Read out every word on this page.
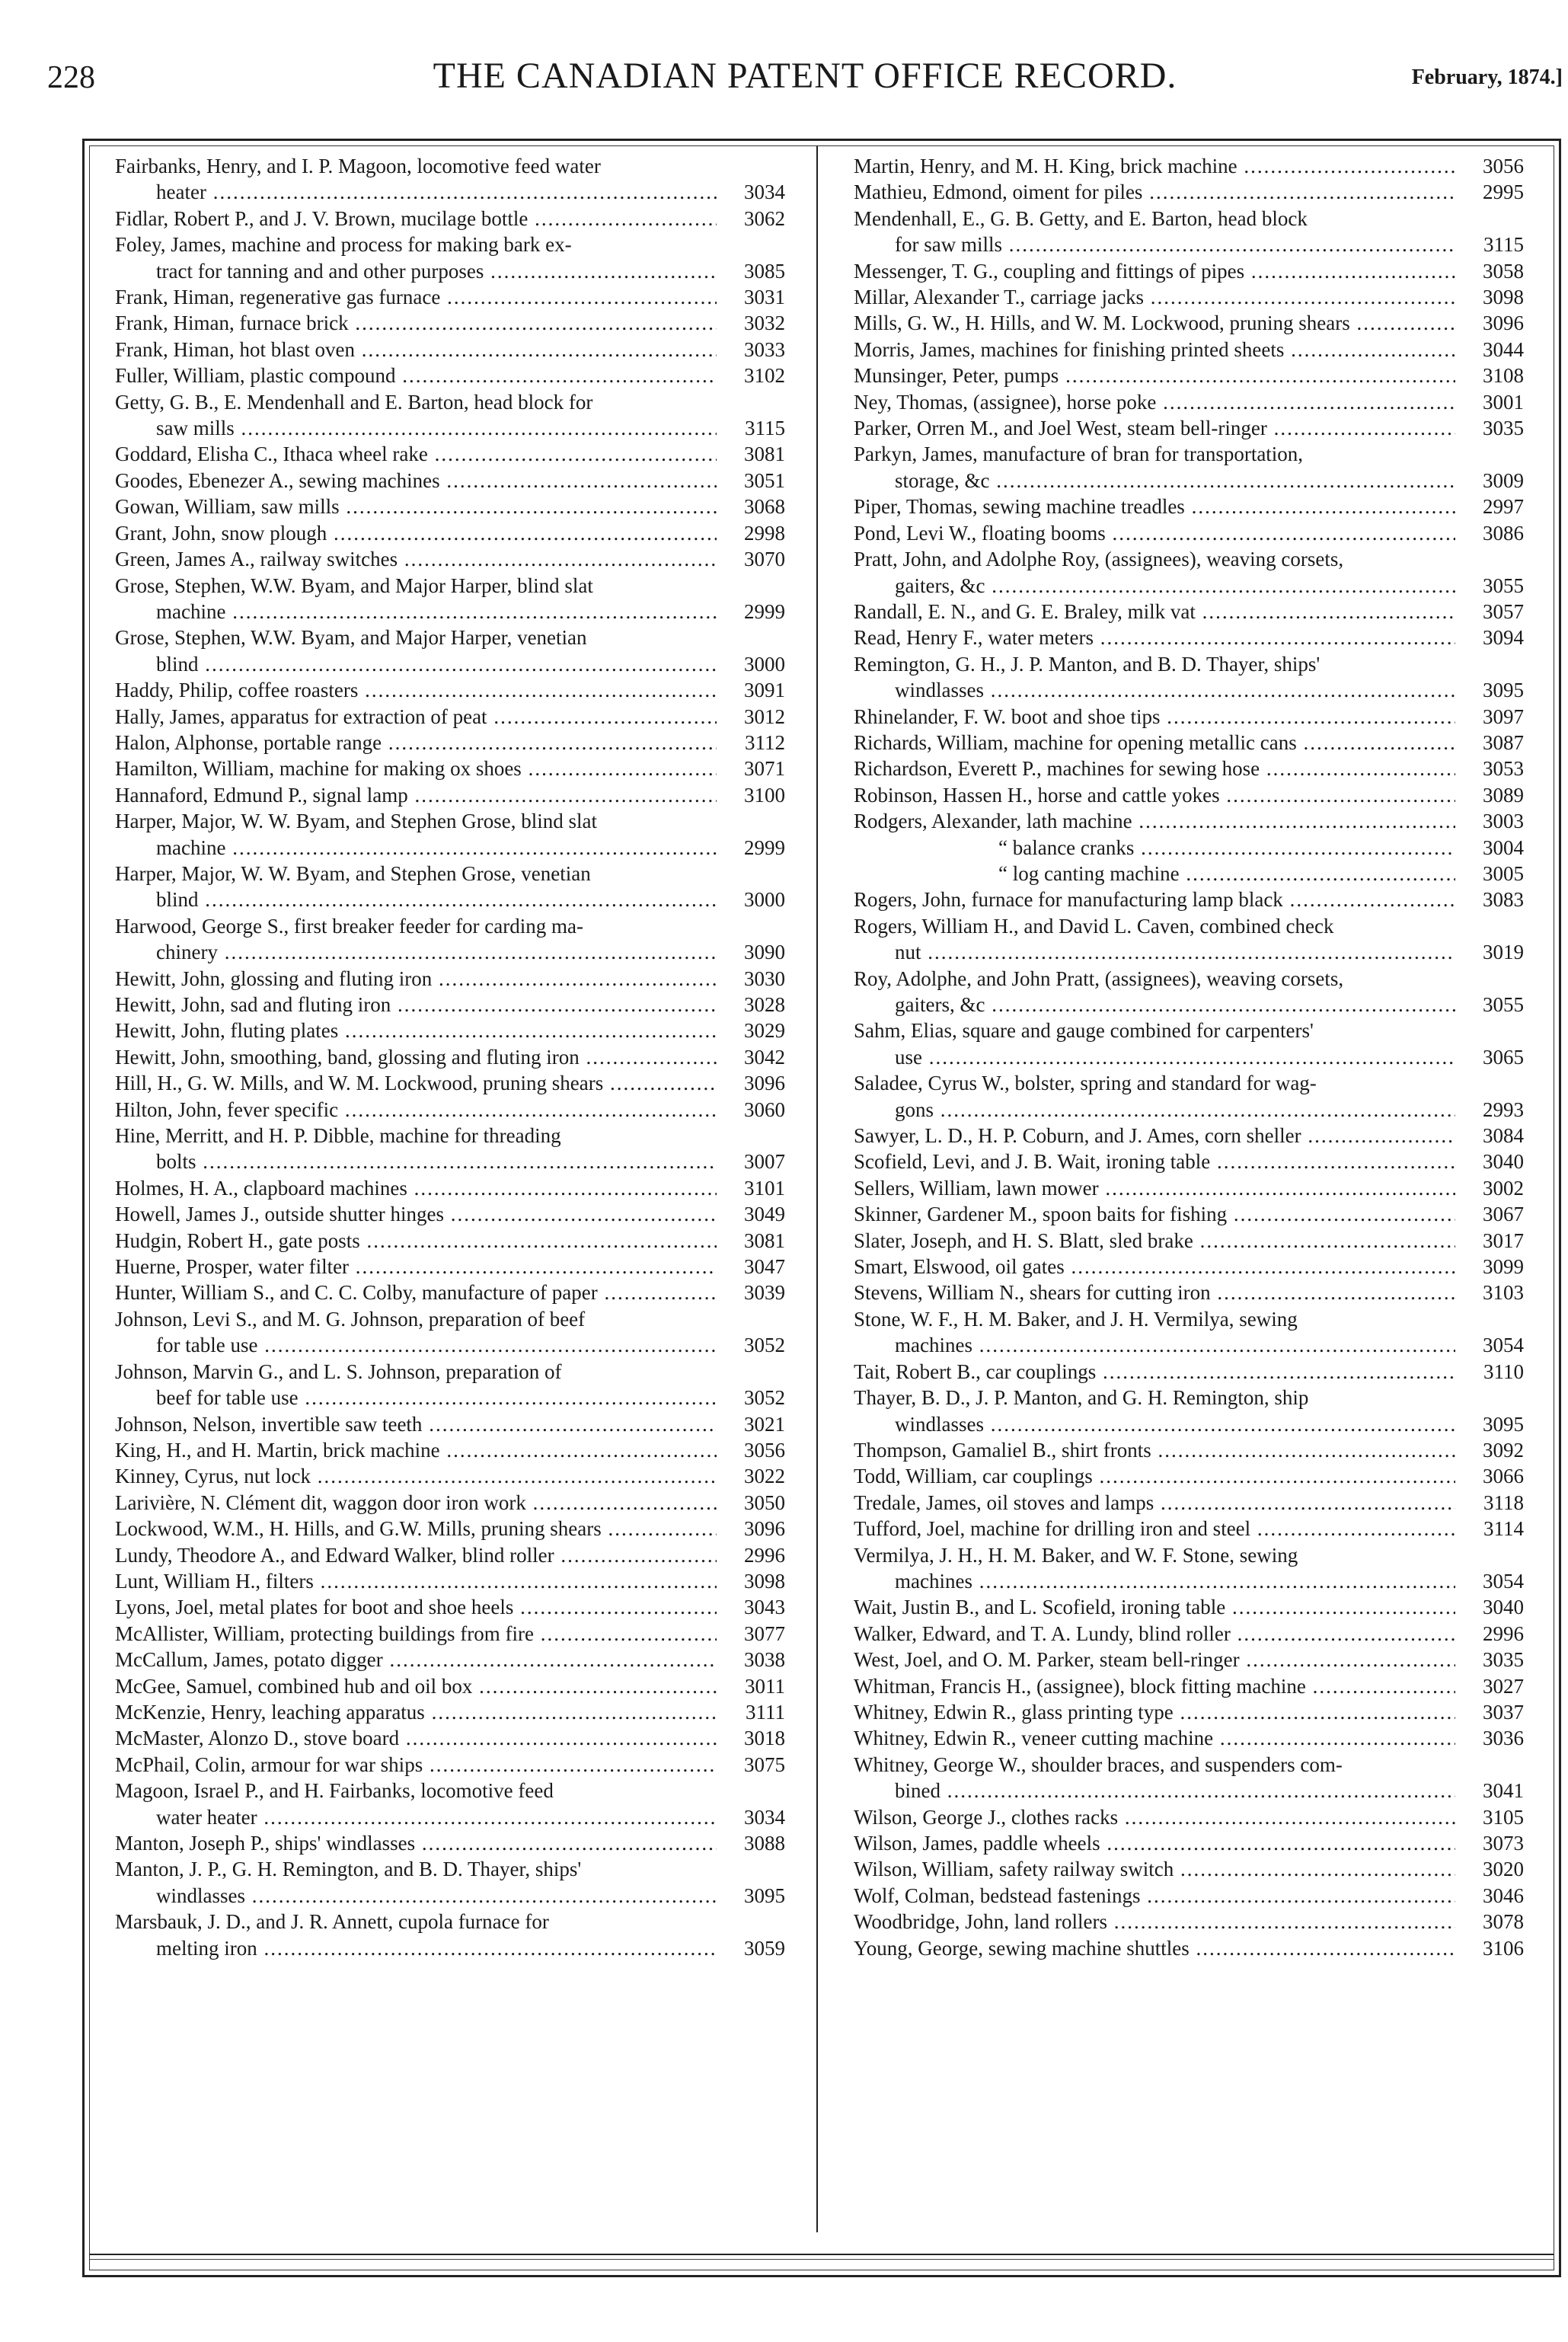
228	THE CANADIAN PATENT OFFICE RECORD.	February, 1874.]
Fairbanks, Henry, and I. P. Magoon, locomotive feed water
heater .....	3034
Fidlar, Robert P., and J. V. Brown, mucilage bottle .....	3062
Foley, James, machine and process for making bark ex-
tract for tanning and and other purposes .....	3085
Frank, Himan, regenerative gas furnace .....	3031
Frank, Himan, furnace brick .....	3032
Frank, Himan, hot blast oven .....	3033
Fuller, William, plastic compound .....	3102
Getty, G. B., E. Mendenhall and E. Barton, head block for
saw mills .....	3115
Goddard, Elisha C., Ithaca wheel rake .....	3081
Goodes, Ebenezer A., sewing machines .....	3051
Gowan, William, saw mills .....	3068
Grant, John, snow plough .....	2998
Green, James A., railway switches .....	3070
Grose, Stephen, W.W. Byam, and Major Harper, blind slat
machine .....	2999
Grose, Stephen, W.W. Byam, and Major Harper, venetian
blind .....	3000
Haddy, Philip, coffee roasters .....	3091
Hally, James, apparatus for extraction of peat .....	3012
Halon, Alphonse, portable range .....	3112
Hamilton, William, machine for making ox shoes .....	3071
Hannaford, Edmund P., signal lamp .....	3100
Harper, Major, W. W. Byam, and Stephen Grose, blind slat
machine .....	2999
Harper, Major, W. W. Byam, and Stephen Grose, venetian
blind .....	3000
Harwood, George S., first breaker feeder for carding ma-
chinery .....	3090
Hewitt, John, glossing and fluting iron .....	3030
Hewitt, John, sad and fluting iron .....	3028
Hewitt, John, fluting plates .....	3029
Hewitt, John, smoothing, band, glossing and fluting iron .....	3042
Hill, H., G. W. Mills, and W. M. Lockwood, pruning shears .....	3096
Hilton, John, fever specific .....	3060
Hine, Merritt, and H. P. Dibble, machine for threading
bolts .....	3007
Holmes, H. A., clapboard machines .....	3101
Howell, James J., outside shutter hinges .....	3049
Hudgin, Robert H., gate posts .....	3081
Huerne, Prosper, water filter .....	3047
Hunter, William S., and C. C. Colby, manufacture of paper .....	3039
Johnson, Levi S., and M. G. Johnson, preparation of beef
for table use .....	3052
Johnson, Marvin G., and L. S. Johnson, preparation of
beef for table use .....	3052
Johnson, Nelson, invertible saw teeth .....	3021
King, H., and H. Martin, brick machine .....	3056
Kinney, Cyrus, nut lock .....	3022
Larivière, N. Clément dit, waggon door iron work .....	3050
Lockwood, W.M., H. Hills, and G.W. Mills, pruning shears .....	3096
Lundy, Theodore A., and Edward Walker, blind roller .....	2996
Lunt, William H., filters .....	3098
Lyons, Joel, metal plates for boot and shoe heels .....	3043
McAllister, William, protecting buildings from fire .....	3077
McCallum, James, potato digger .....	3038
McGee, Samuel, combined hub and oil box .....	3011
McKenzie, Henry, leaching apparatus .....	3111
McMaster, Alonzo D., stove board .....	3018
McPhail, Colin, armour for war ships .....	3075
Magoon, Israel P., and H. Fairbanks, locomotive feed
water heater .....	3034
Manton, Joseph P., ships' windlasses .....	3088
Manton, J. P., G. H. Remington, and B. D. Thayer, ships'
windlasses .....	3095
Marsbauk, J. D., and J. R. Annett, cupola furnace for
melting iron .....	3059
Martin, Henry, and M. H. King, brick machine .....	3056
Mathieu, Edmond, oiment for piles .....	2995
Mendenhall, E., G. B. Getty, and E. Barton, head block
for saw mills .....	3115
Messenger, T. G., coupling and fittings of pipes .....	3058
Millar, Alexander T., carriage jacks .....	3098
Mills, G. W., H. Hills, and W. M. Lockwood, pruning shears .....	3096
Morris, James, machines for finishing printed sheets .....	3044
Munsinger, Peter, pumps .....	3108
Ney, Thomas, (assignee), horse poke .....	3001
Parker, Orren M., and Joel West, steam bell-ringer .....	3035
Parkyn, James, manufacture of bran for transportation,
storage, &c .....	3009
Piper, Thomas, sewing machine treadles .....	2997
Pond, Levi W., floating booms .....	3086
Pratt, John, and Adolphe Roy, (assignees), weaving corsets,
gaiters, &c .....	3055
Randall, E. N., and G. E. Braley, milk vat .....	3057
Read, Henry F., water meters .....	3094
Remington, G. H., J. P. Manton, and B. D. Thayer, ships'
windlasses .....	3095
Rhinelander, F. W. boot and shoe tips .....	3097
Richards, William, machine for opening metallic cans .....	3087
Richardson, Everett P., machines for sewing hose .....	3053
Robinson, Hassen H., horse and cattle yokes .....	3089
Rodgers, Alexander, lath machine .....	3003
“ balance cranks .....	3004
“ log canting machine .....	3005
Rogers, John, furnace for manufacturing lamp black .....	3083
Rogers, William H., and David L. Caven, combined check
nut .....	3019
Roy, Adolphe, and John Pratt, (assignees), weaving corsets,
gaiters, &c .....	3055
Sahm, Elias, square and gauge combined for carpenters'
use .....	3065
Saladee, Cyrus W., bolster, spring and standard for wag-
gons .....	2993
Sawyer, L. D., H. P. Coburn, and J. Ames, corn sheller .....	3084
Scofield, Levi, and J. B. Wait, ironing table .....	3040
Sellers, William, lawn mower .....	3002
Skinner, Gardener M., spoon baits for fishing .....	3067
Slater, Joseph, and H. S. Blatt, sled brake .....	3017
Smart, Elswood, oil gates .....	3099
Stevens, William N., shears for cutting iron .....	3103
Stone, W. F., H. M. Baker, and J. H. Vermilya, sewing
machines .....	3054
Tait, Robert B., car couplings .....	3110
Thayer, B. D., J. P. Manton, and G. H. Remington, ship
windlasses .....	3095
Thompson, Gamaliel B., shirt fronts .....	3092
Todd, William, car couplings .....	3066
Tredale, James, oil stoves and lamps .....	3118
Tufford, Joel, machine for drilling iron and steel .....	3114
Vermilya, J. H., H. M. Baker, and W. F. Stone, sewing
machines .....	3054
Wait, Justin B., and L. Scofield, ironing table .....	3040
Walker, Edward, and T. A. Lundy, blind roller .....	2996
West, Joel, and O. M. Parker, steam bell-ringer .....	3035
Whitman, Francis H., (assignee), block fitting machine .....	3027
Whitney, Edwin R., glass printing type .....	3037
Whitney, Edwin R., veneer cutting machine .....	3036
Whitney, George W., shoulder braces, and suspenders com-
bined .....	3041
Wilson, George J., clothes racks .....	3105
Wilson, James, paddle wheels .....	3073
Wilson, William, safety railway switch .....	3020
Wolf, Colman, bedstead fastenings .....	3046
Woodbridge, John, land rollers .....	3078
Young, George, sewing machine shuttles .....	3106
